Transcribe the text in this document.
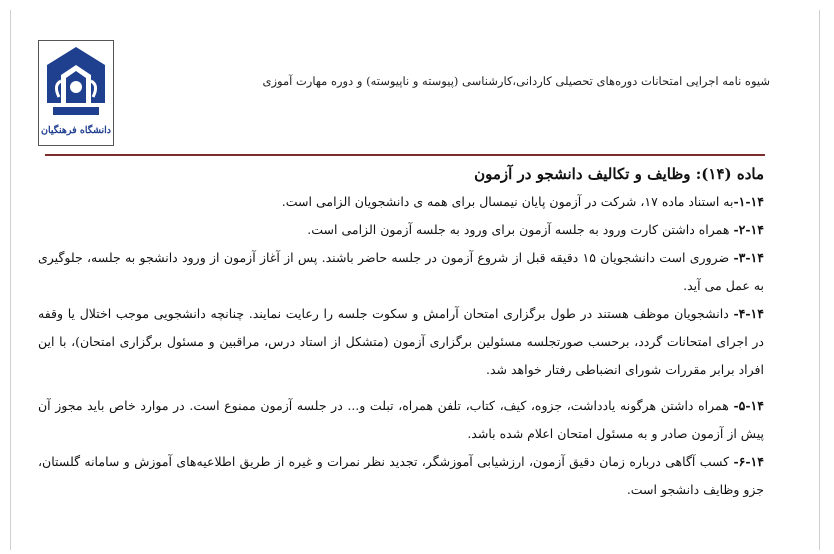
دانشگاه فرهنگیان
شیوه نامه اجرایی امتحانات دوره‌های تحصیلی کاردانی،کارشناسی (پیوسته و ناپیوسته) و دوره مهارت آموزی
ماده (۱۴): وظایف و تکالیف دانشجو در آزمون

۱-۱۴-به استناد ماده ۱۷، شرکت در آزمون پایان نیمسال برای همه ی دانشجویان الزامی است.

۲-۱۴- همراه داشتن کارت ورود به جلسه آزمون برای ورود به جلسه آزمون الزامی است.

۳-۱۴- ضروری است دانشجویان ۱۵ دقیقه قبل از شروع آزمون در جلسه حاضر باشند. پس از آغاز آزمون از ورود دانشجو به جلسه، جلوگیری به عمل می آید.

۴-۱۴- دانشجویان موظف هستند در طول برگزاری امتحان آرامش و سکوت جلسه را رعایت نمایند. چنانچه دانشجویی موجب اختلال یا وقفه در اجرای امتحانات گردد، برحسب صورتجلسه مسئولین برگزاری آزمون (متشکل از استاد درس، مراقبین و مسئول برگزاری امتحان)، با این افراد برابر مقررات شورای انضباطی رفتار خواهد شد.

۵-۱۴- همراه داشتن هرگونه یادداشت، جزوه، کیف، کتاب، تلفن همراه، تبلت و... در جلسه آزمون ممنوع است. در موارد خاص باید مجوز آن پیش از آزمون صادر و به مسئول امتحان اعلام شده باشد.

۶-۱۴- کسب آگاهی درباره زمان دقیق آزمون، ارزشیابی آموزشگر، تجدید نظر نمرات و غیره از طریق اطلاعیه‌های آموزش و سامانه گلستان، جزو وظایف دانشجو است.
